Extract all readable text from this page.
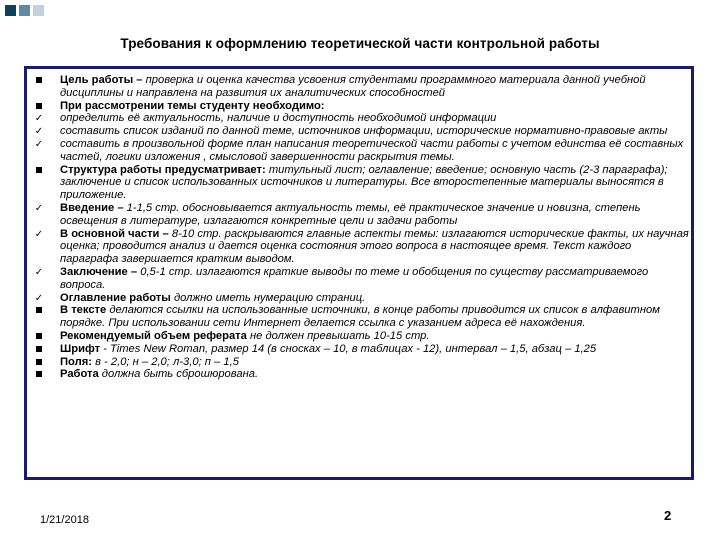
Требования к оформлению теоретической части контрольной работы
Цель работы – проверка и оценка качества усвоения студентами программного материала данной учебной дисциплины и направлена на развития их аналитических способностей
При рассмотрении темы студенту необходимо:
✓ определить её актуальность, наличие и доступность необходимой информации
✓ составить список изданий по данной теме, источников информации, исторические нормативно-правовые акты
✓ составить в произвольной форме план написания теоретической части работы с учетом единства её составных частей, логики изложения , смысловой завершенности раскрытия темы.
Структура работы предусматривает: титульный лист; оглавление; введение; основную часть (2-3 параграфа); заключение и список использованных источников и литературы. Все второстепенные материалы выносятся в приложение.
✓ Введение – 1-1,5 стр. обосновывается актуальность темы, её практическое значение и новизна, степень освещения в литературе, излагаются конкретные цели и задачи работы
✓ В основной части – 8-10 стр. раскрываются главные аспекты темы: излагаются исторические факты, их научная оценка; проводится анализ и дается оценка состояния этого вопроса в настоящее время. Текст каждого параграфа завершается кратким выводом.
✓ Заключение – 0,5-1 стр. излагаются краткие выводы по теме и обобщения по существу рассматриваемого вопроса.
✓ Оглавление работы должно иметь нумерацию страниц.
В тексте делаются ссылки на использованные источники, в конце работы приводится их список в алфавитном порядке. При использовании сети Интернет делается ссылка с указанием адреса её нахождения.
Рекомендуемый объем реферата не должен превышать 10-15 стр.
Шрифт - Times New Roman, размер 14 (в сносках – 10, в таблицах - 12), интервал – 1,5, абзац – 1,25
Поля: в - 2,0; н – 2,0; л-3,0; п – 1,5
Работа должна быть сброшюрована.
1/21/2018	2
